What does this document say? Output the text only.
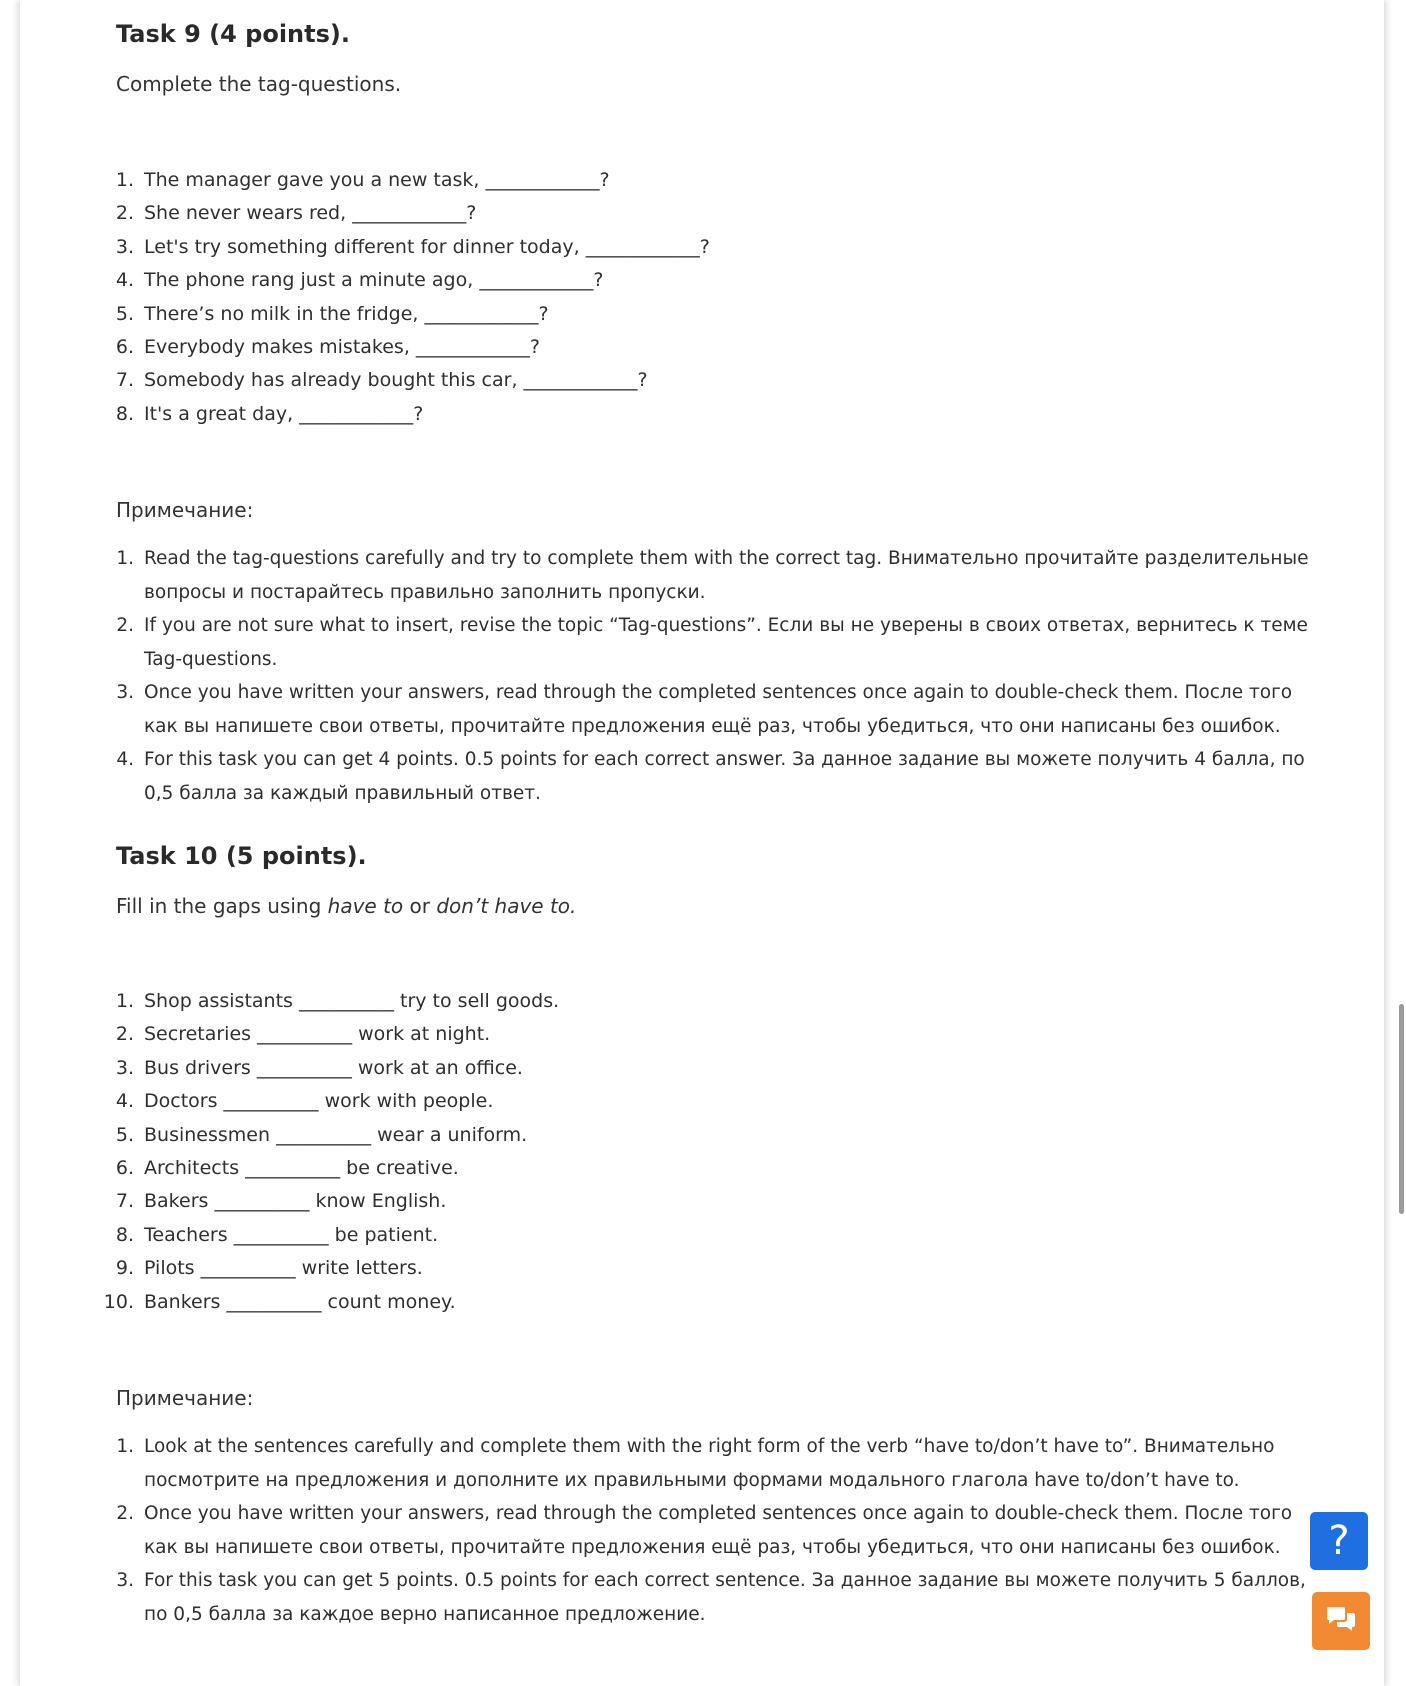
Task 9 (4 points).

Complete the tag-questions.

1. The manager gave you a new task, ____________?
2. She never wears red, ____________?
3. Let's try something different for dinner today, ____________?
4. The phone rang just a minute ago, ____________?
5. There’s no milk in the fridge, ____________?
6. Everybody makes mistakes, ____________?
7. Somebody has already bought this car, ____________?
8. It's a great day, ____________?

Примечание:

1. Read the tag-questions carefully and try to complete them with the correct tag. Внимательно прочитайте разделительные вопросы и постарайтесь правильно заполнить пропуски.
2. If you are not sure what to insert, revise the topic “Tag-questions”. Если вы не уверены в своих ответах, вернитесь к теме Tag-questions.
3. Once you have written your answers, read through the completed sentences once again to double-check them. После того как вы напишете свои ответы, прочитайте предложения ещё раз, чтобы убедиться, что они написаны без ошибок.
4. For this task you can get 4 points. 0.5 points for each correct answer. За данное задание вы можете получить 4 балла, по 0,5 балла за каждый правильный ответ.
Task 10 (5 points).

Fill in the gaps using have to or don’t have to.

1. Shop assistants __________ try to sell goods.
2. Secretaries __________ work at night.
3. Bus drivers __________ work at an office.
4. Doctors __________ work with people.
5. Businessmen __________ wear a uniform.
6. Architects __________ be creative.
7. Bakers __________ know English.
8. Teachers __________ be patient.
9. Pilots __________ write letters.
10. Bankers __________ count money.

Примечание:

1. Look at the sentences carefully and complete them with the right form of the verb “have to/don’t have to”. Внимательно посмотрите на предложения и дополните их правильными формами модального глагола have to/don’t have to.
2. Once you have written your answers, read through the completed sentences once again to double-check them. После того как вы напишете свои ответы, прочитайте предложения ещё раз, чтобы убедиться, что они написаны без ошибок.
3. For this task you can get 5 points. 0.5 points for each correct sentence. За данное задание вы можете получить 5 баллов, по 0,5 балла за каждое верно написанное предложение.
?
